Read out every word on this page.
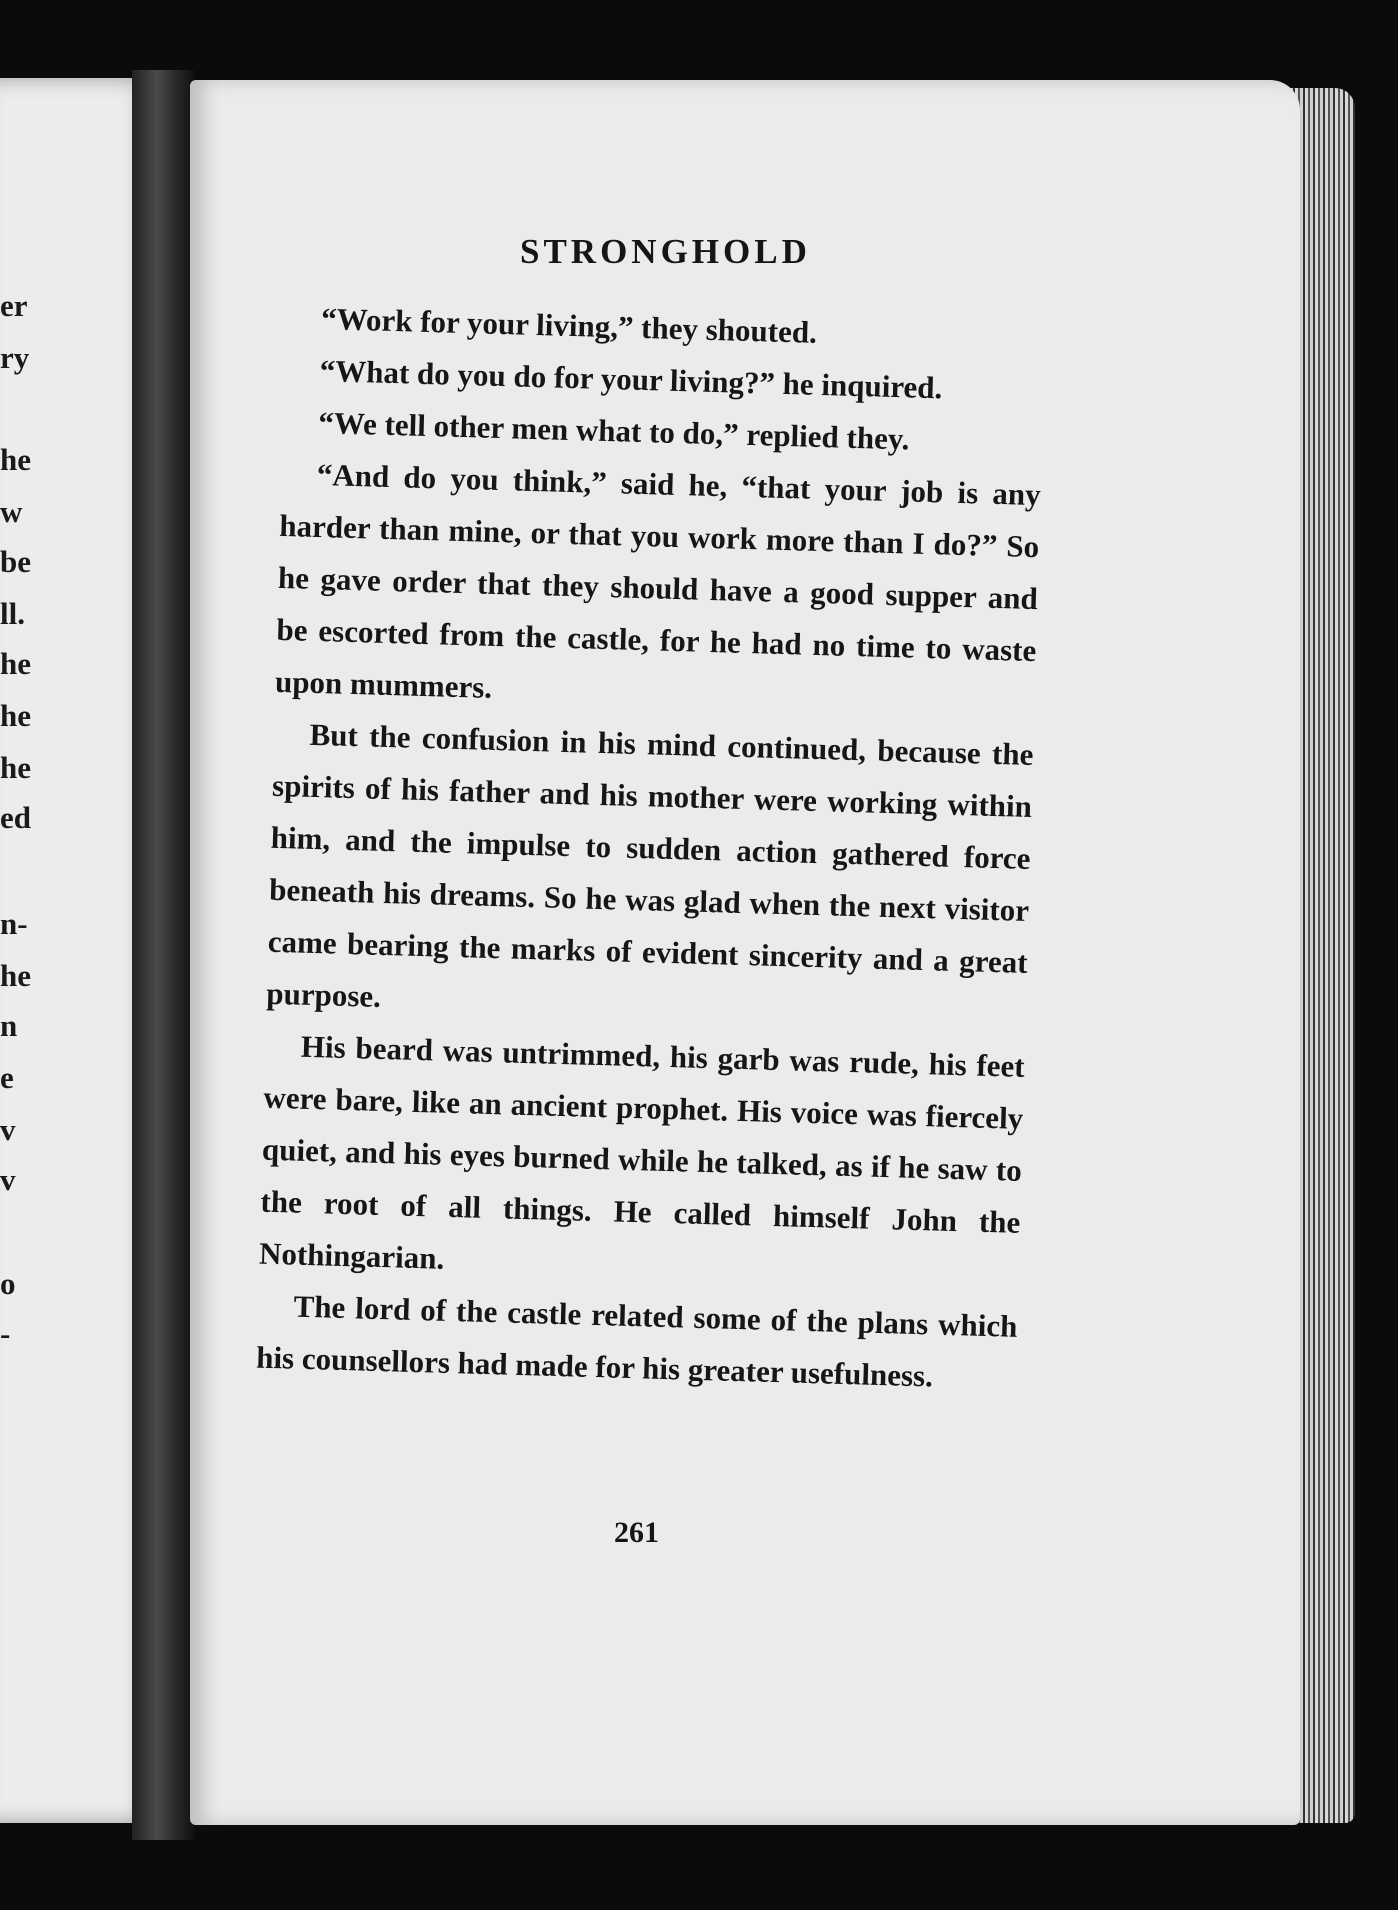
er
ry
he
w
be
ll.
he
he
he
ed
n-
he
n
e
v
v
o
-
STRONGHOLD

“Work for your living,” they shouted.

“What do you do for your living?” he inquired.

“We tell other men what to do,” replied they.

“And do you think,” said he, “that your job is any harder than mine, or that you work more than I do?” So he gave order that they should have a good supper and be escorted from the castle, for he had no time to waste upon mummers.

But the confusion in his mind continued, because the spirits of his father and his mother were working within him, and the impulse to sudden action gathered force beneath his dreams. So he was glad when the next visitor came bearing the marks of evident sincerity and a great purpose.

His beard was untrimmed, his garb was rude, his feet were bare, like an ancient prophet. His voice was fiercely quiet, and his eyes burned while he talked, as if he saw to the root of all things. He called himself John the Nothingarian.

The lord of the castle related some of the plans which his counsellors had made for his greater usefulness.

261
